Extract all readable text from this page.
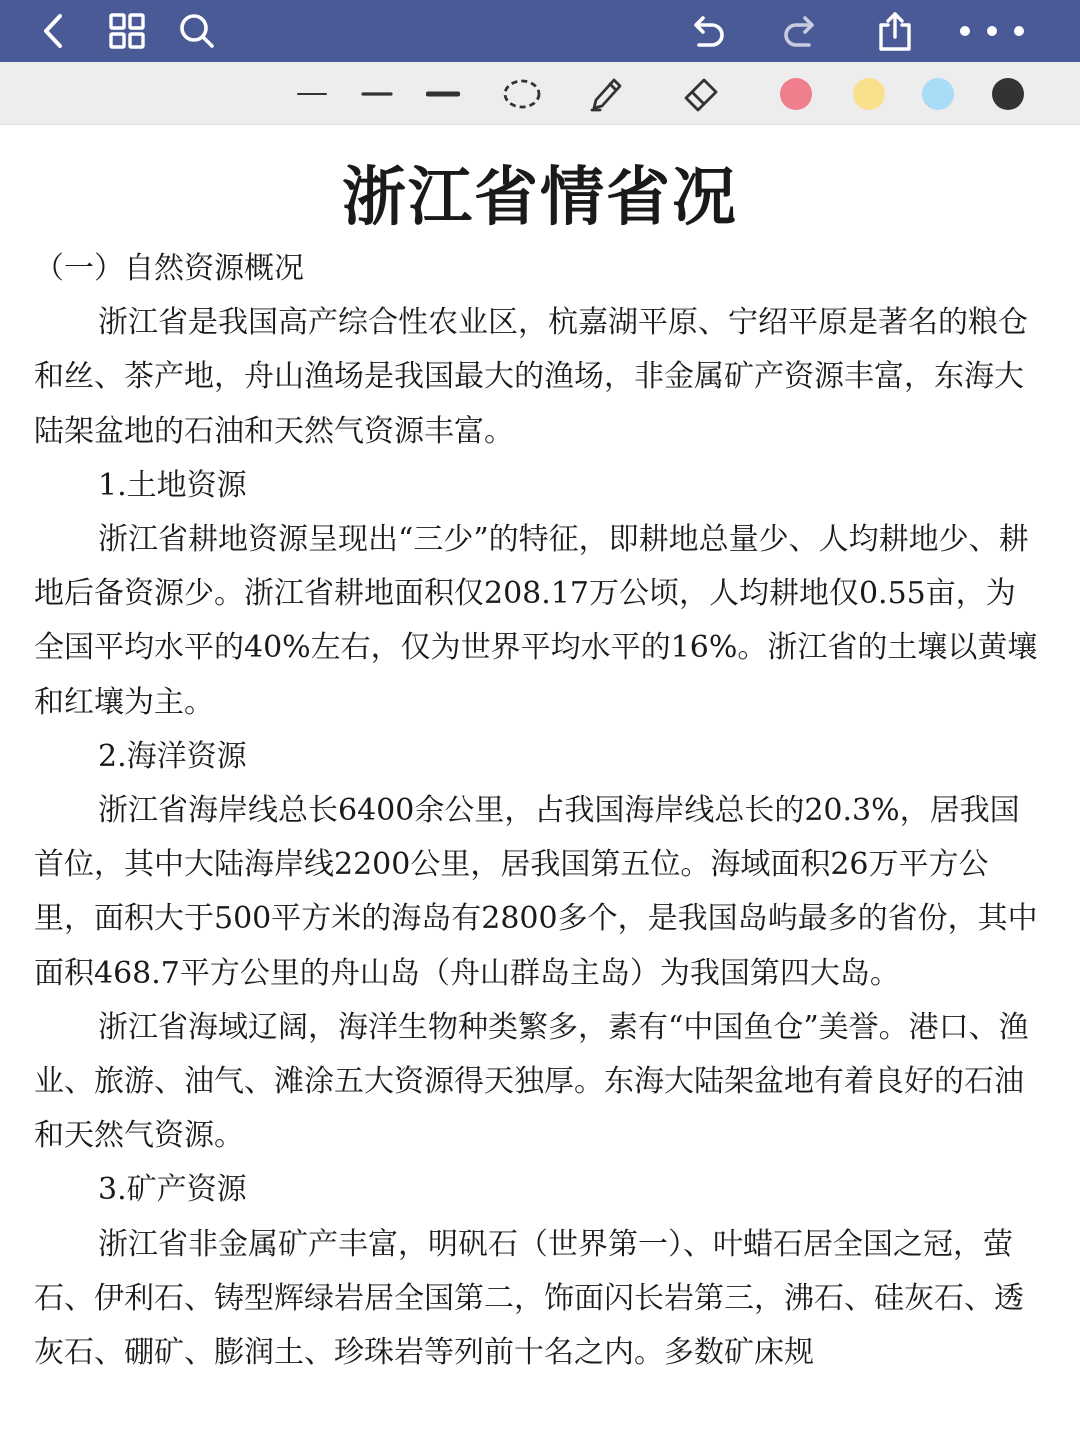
浙江省情省况

（一）自然资源概况

浙江省是我国高产综合性农业区，杭嘉湖平原、宁绍平原是著名的粮仓和丝、茶产地，舟山渔场是我国最大的渔场，非金属矿产资源丰富，东海大陆架盆地的石油和天然气资源丰富。

1.土地资源

浙江省耕地资源呈现出“三少”的特征，即耕地总量少、人均耕地少、耕地后备资源少。浙江省耕地面积仅208.17万公顷，人均耕地仅0.55亩，为全国平均水平的40%左右，仅为世界平均水平的16%。浙江省的土壤以黄壤和红壤为主。

2.海洋资源

浙江省海岸线总长6400余公里，占我国海岸线总长的20.3%，居我国首位，其中大陆海岸线2200公里，居我国第五位。海域面积26万平方公里，面积大于500平方米的海岛有2800多个，是我国岛屿最多的省份，其中面积468.7平方公里的舟山岛（舟山群岛主岛）为我国第四大岛。

浙江省海域辽阔，海洋生物种类繁多，素有“中国鱼仓”美誉。港口、渔业、旅游、油气、滩涂五大资源得天独厚。东海大陆架盆地有着良好的石油和天然气资源。

3.矿产资源

浙江省非金属矿产丰富，明矾石（世界第一）、叶蜡石居全国之冠，萤石、伊利石、铸型辉绿岩居全国第二，饰面闪长岩第三，沸石、硅灰石、透灰石、硼矿、膨润土、珍珠岩等列前十名之内。多数矿床规
